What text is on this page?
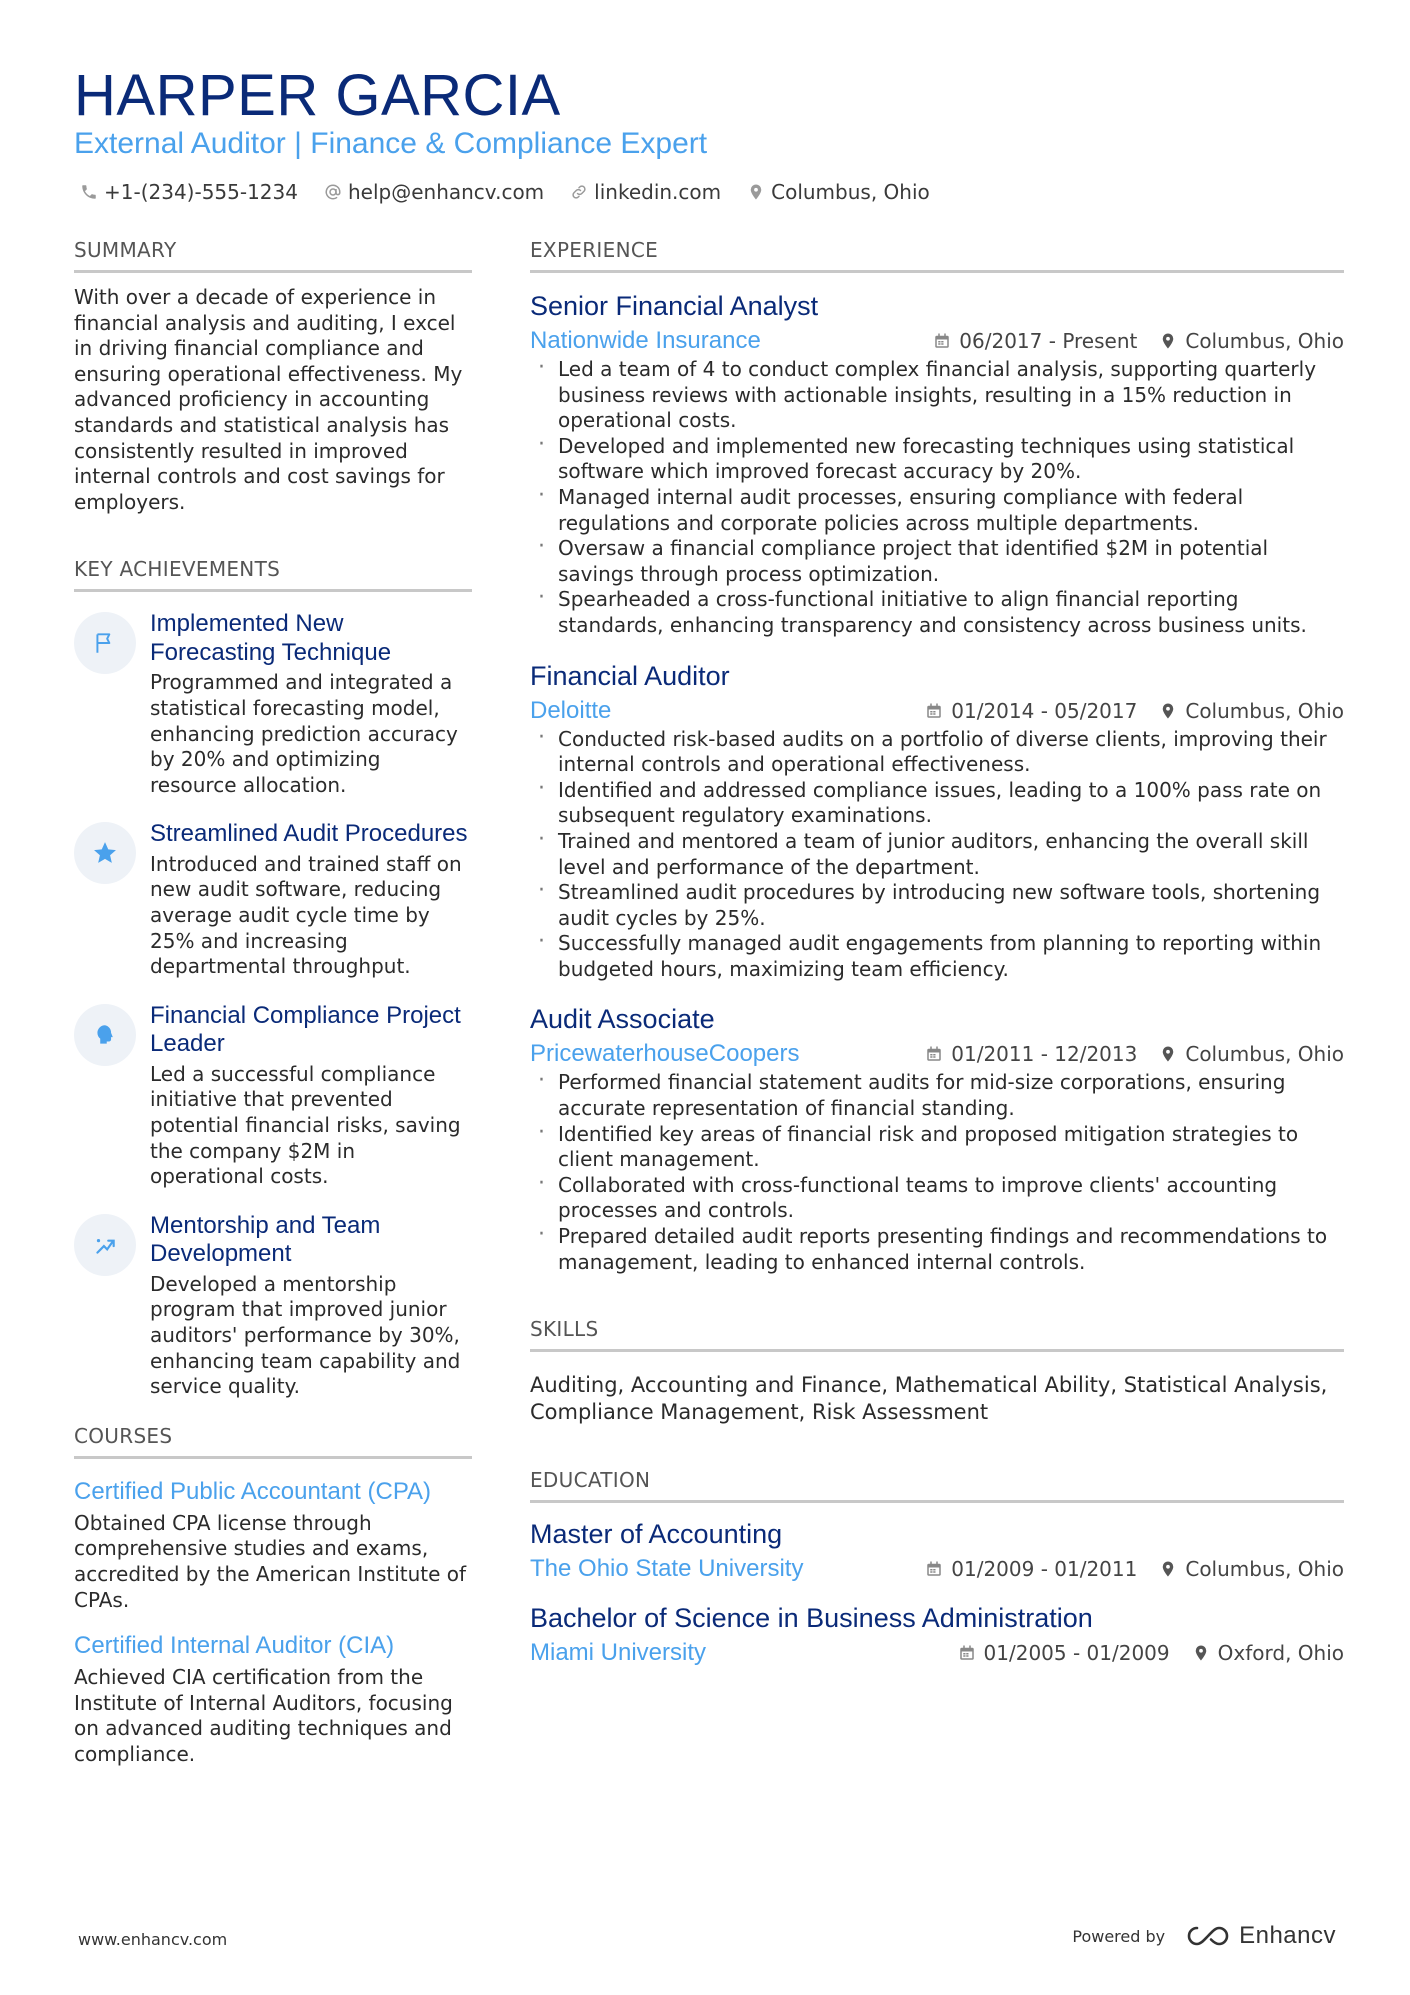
HARPER GARCIA
External Auditor | Finance & Compliance Expert
+1-(234)-555-1234	help@enhancv.com	linkedin.com	Columbus, Ohio
SUMMARY
With over a decade of experience in financial analysis and auditing, I excel in driving financial compliance and ensuring operational effectiveness. My advanced proficiency in accounting standards and statistical analysis has consistently resulted in improved internal controls and cost savings for employers.
KEY ACHIEVEMENTS
Implemented New Forecasting Technique
Programmed and integrated a statistical forecasting model, enhancing prediction accuracy by 20% and optimizing resource allocation.
Streamlined Audit Procedures
Introduced and trained staff on new audit software, reducing average audit cycle time by 25% and increasing departmental throughput.
Financial Compliance Project Leader
Led a successful compliance initiative that prevented potential financial risks, saving the company $2M in operational costs.
Mentorship and Team Development
Developed a mentorship program that improved junior auditors' performance by 30%, enhancing team capability and service quality.
COURSES
Certified Public Accountant (CPA)
Obtained CPA license through comprehensive studies and exams, accredited by the American Institute of CPAs.
Certified Internal Auditor (CIA)
Achieved CIA certification from the Institute of Internal Auditors, focusing on advanced auditing techniques and compliance.
EXPERIENCE
Senior Financial Analyst
Nationwide Insurance	06/2017 - Present Columbus, Ohio
· Led a team of 4 to conduct complex financial analysis, supporting quarterly business reviews with actionable insights, resulting in a 15% reduction in operational costs.
· Developed and implemented new forecasting techniques using statistical software which improved forecast accuracy by 20%.
· Managed internal audit processes, ensuring compliance with federal regulations and corporate policies across multiple departments.
· Oversaw a financial compliance project that identified $2M in potential savings through process optimization.
· Spearheaded a cross-functional initiative to align financial reporting standards, enhancing transparency and consistency across business units.
Financial Auditor
Deloitte	01/2014 - 05/2017 Columbus, Ohio
· Conducted risk-based audits on a portfolio of diverse clients, improving their internal controls and operational effectiveness.
· Identified and addressed compliance issues, leading to a 100% pass rate on subsequent regulatory examinations.
· Trained and mentored a team of junior auditors, enhancing the overall skill level and performance of the department.
· Streamlined audit procedures by introducing new software tools, shortening audit cycles by 25%.
· Successfully managed audit engagements from planning to reporting within budgeted hours, maximizing team efficiency.
Audit Associate
PricewaterhouseCoopers	01/2011 - 12/2013 Columbus, Ohio
· Performed financial statement audits for mid-size corporations, ensuring accurate representation of financial standing.
· Identified key areas of financial risk and proposed mitigation strategies to client management.
· Collaborated with cross-functional teams to improve clients' accounting processes and controls.
· Prepared detailed audit reports presenting findings and recommendations to management, leading to enhanced internal controls.
SKILLS
Auditing, Accounting and Finance, Mathematical Ability, Statistical Analysis, Compliance Management, Risk Assessment
EDUCATION
Master of Accounting
The Ohio State University	01/2009 - 01/2011 Columbus, Ohio
Bachelor of Science in Business Administration
Miami University	01/2005 - 01/2009 Oxford, Ohio
www.enhancv.com	Powered by	Enhancv
